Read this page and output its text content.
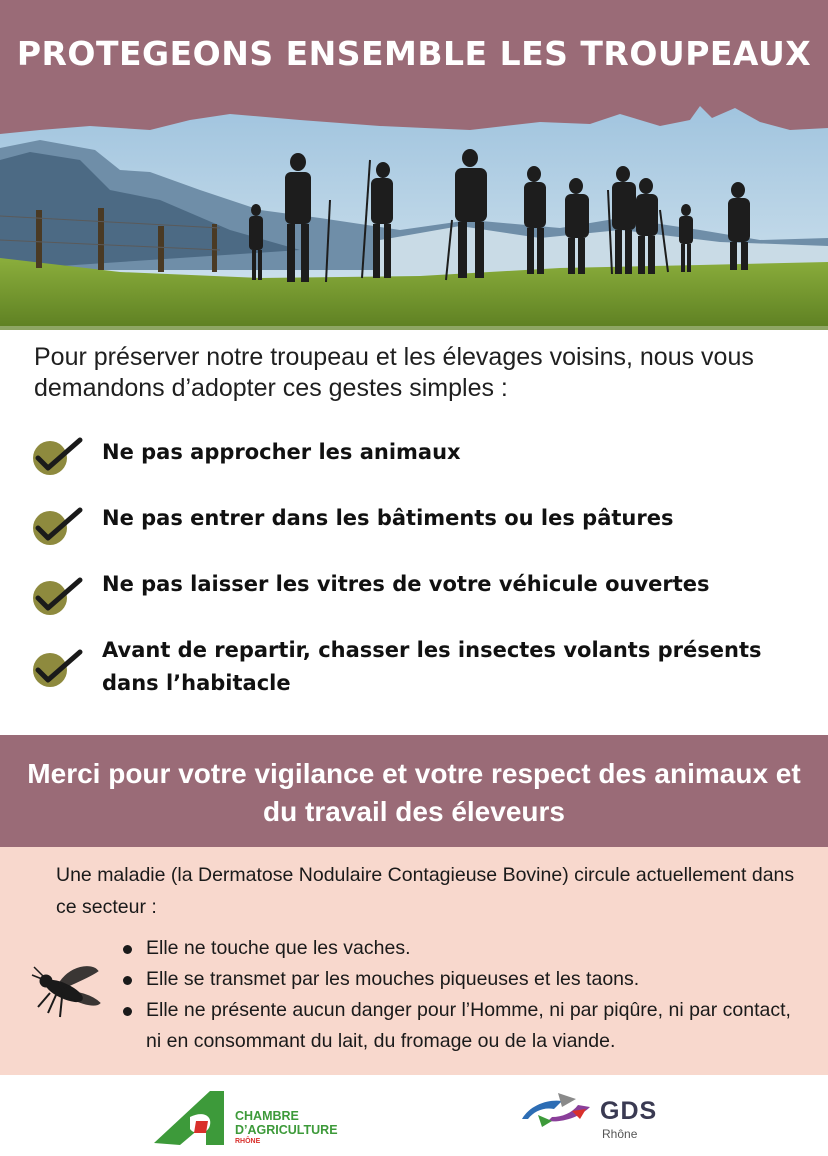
PROTEGEONS ENSEMBLE LES TROUPEAUX
Pour préserver notre troupeau et les élevages voisins, nous vous demandons d’adopter ces gestes simples :
Ne pas approcher les animaux
Ne pas entrer dans les bâtiments ou les pâtures
Ne pas laisser les vitres de votre véhicule ouvertes
Avant de repartir, chasser les insectes volants présents dans l’habitacle

Merci pour votre vigilance et votre respect des animaux et du travail des éleveurs

Une maladie (la Dermatose Nodulaire Contagieuse Bovine) circule actuellement dans ce secteur :
Elle ne touche que les vaches.
Elle se transmet par les mouches piqueuses et les taons.
Elle ne présente aucun danger pour l’Homme, ni par piqûre, ni par contact, ni en consommant du lait, du fromage ou de la viande.
CHAMBRE
D’AGRICULTURE
RHÔNE
GDS
Rhône
